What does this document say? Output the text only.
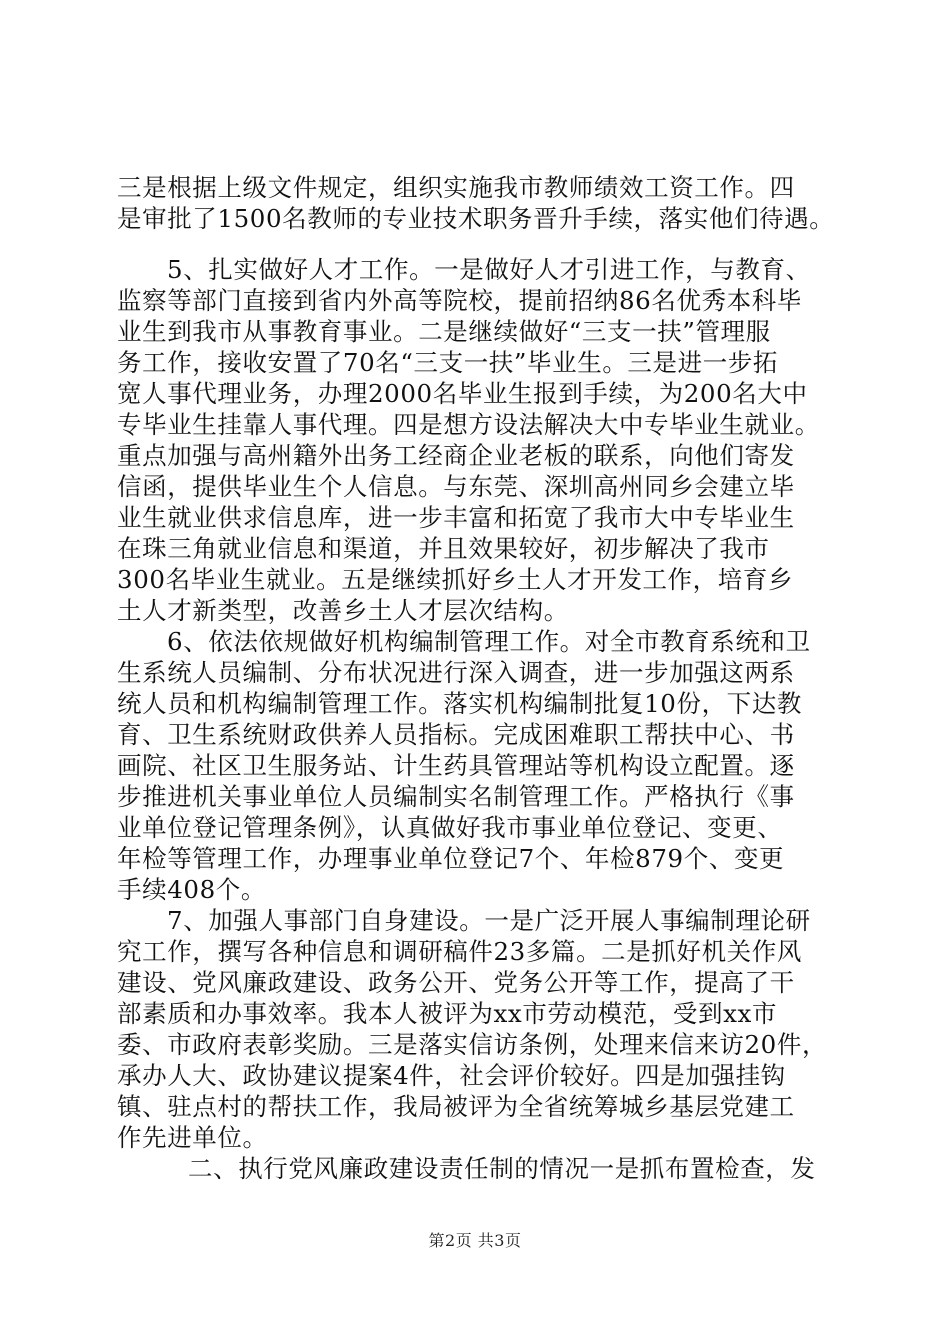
三是根据上级文件规定，组织实施我市教师绩效工资工作。四
是审批了1500名教师的专业技术职务晋升手续，落实他们待遇。
5、扎实做好人才工作。一是做好人才引进工作，与教育、
监察等部门直接到省内外高等院校，提前招纳86名优秀本科毕
业生到我市从事教育事业。二是继续做好“三支一扶”管理服
务工作，接收安置了70名“三支一扶”毕业生。三是进一步拓
宽人事代理业务，办理2000名毕业生报到手续，为200名大中
专毕业生挂靠人事代理。四是想方设法解决大中专毕业生就业。
重点加强与高州籍外出务工经商企业老板的联系，向他们寄发
信函，提供毕业生个人信息。与东莞、深圳高州同乡会建立毕
业生就业供求信息库，进一步丰富和拓宽了我市大中专毕业生
在珠三角就业信息和渠道，并且效果较好，初步解决了我市
300名毕业生就业。五是继续抓好乡土人才开发工作，培育乡
土人才新类型，改善乡土人才层次结构。
6、依法依规做好机构编制管理工作。对全市教育系统和卫
生系统人员编制、分布状况进行深入调查，进一步加强这两系
统人员和机构编制管理工作。落实机构编制批复10份，下达教
育、卫生系统财政供养人员指标。完成困难职工帮扶中心、书
画院、社区卫生服务站、计生药具管理站等机构设立配置。逐
步推进机关事业单位人员编制实名制管理工作。严格执行《事
业单位登记管理条例》，认真做好我市事业单位登记、变更、
年检等管理工作，办理事业单位登记7个、年检879个、变更
手续408个。
7、加强人事部门自身建设。一是广泛开展人事编制理论研
究工作，撰写各种信息和调研稿件23多篇。二是抓好机关作风
建设、党风廉政建设、政务公开、党务公开等工作，提高了干
部素质和办事效率。我本人被评为xx市劳动模范，受到xx市
委、市政府表彰奖励。三是落实信访条例，处理来信来访20件，
承办人大、政协建议提案4件，社会评价较好。四是加强挂钩
镇、驻点村的帮扶工作，我局被评为全省统筹城乡基层党建工
作先进单位。
二、执行党风廉政建设责任制的情况一是抓布置检查，发
第2页 共3页
